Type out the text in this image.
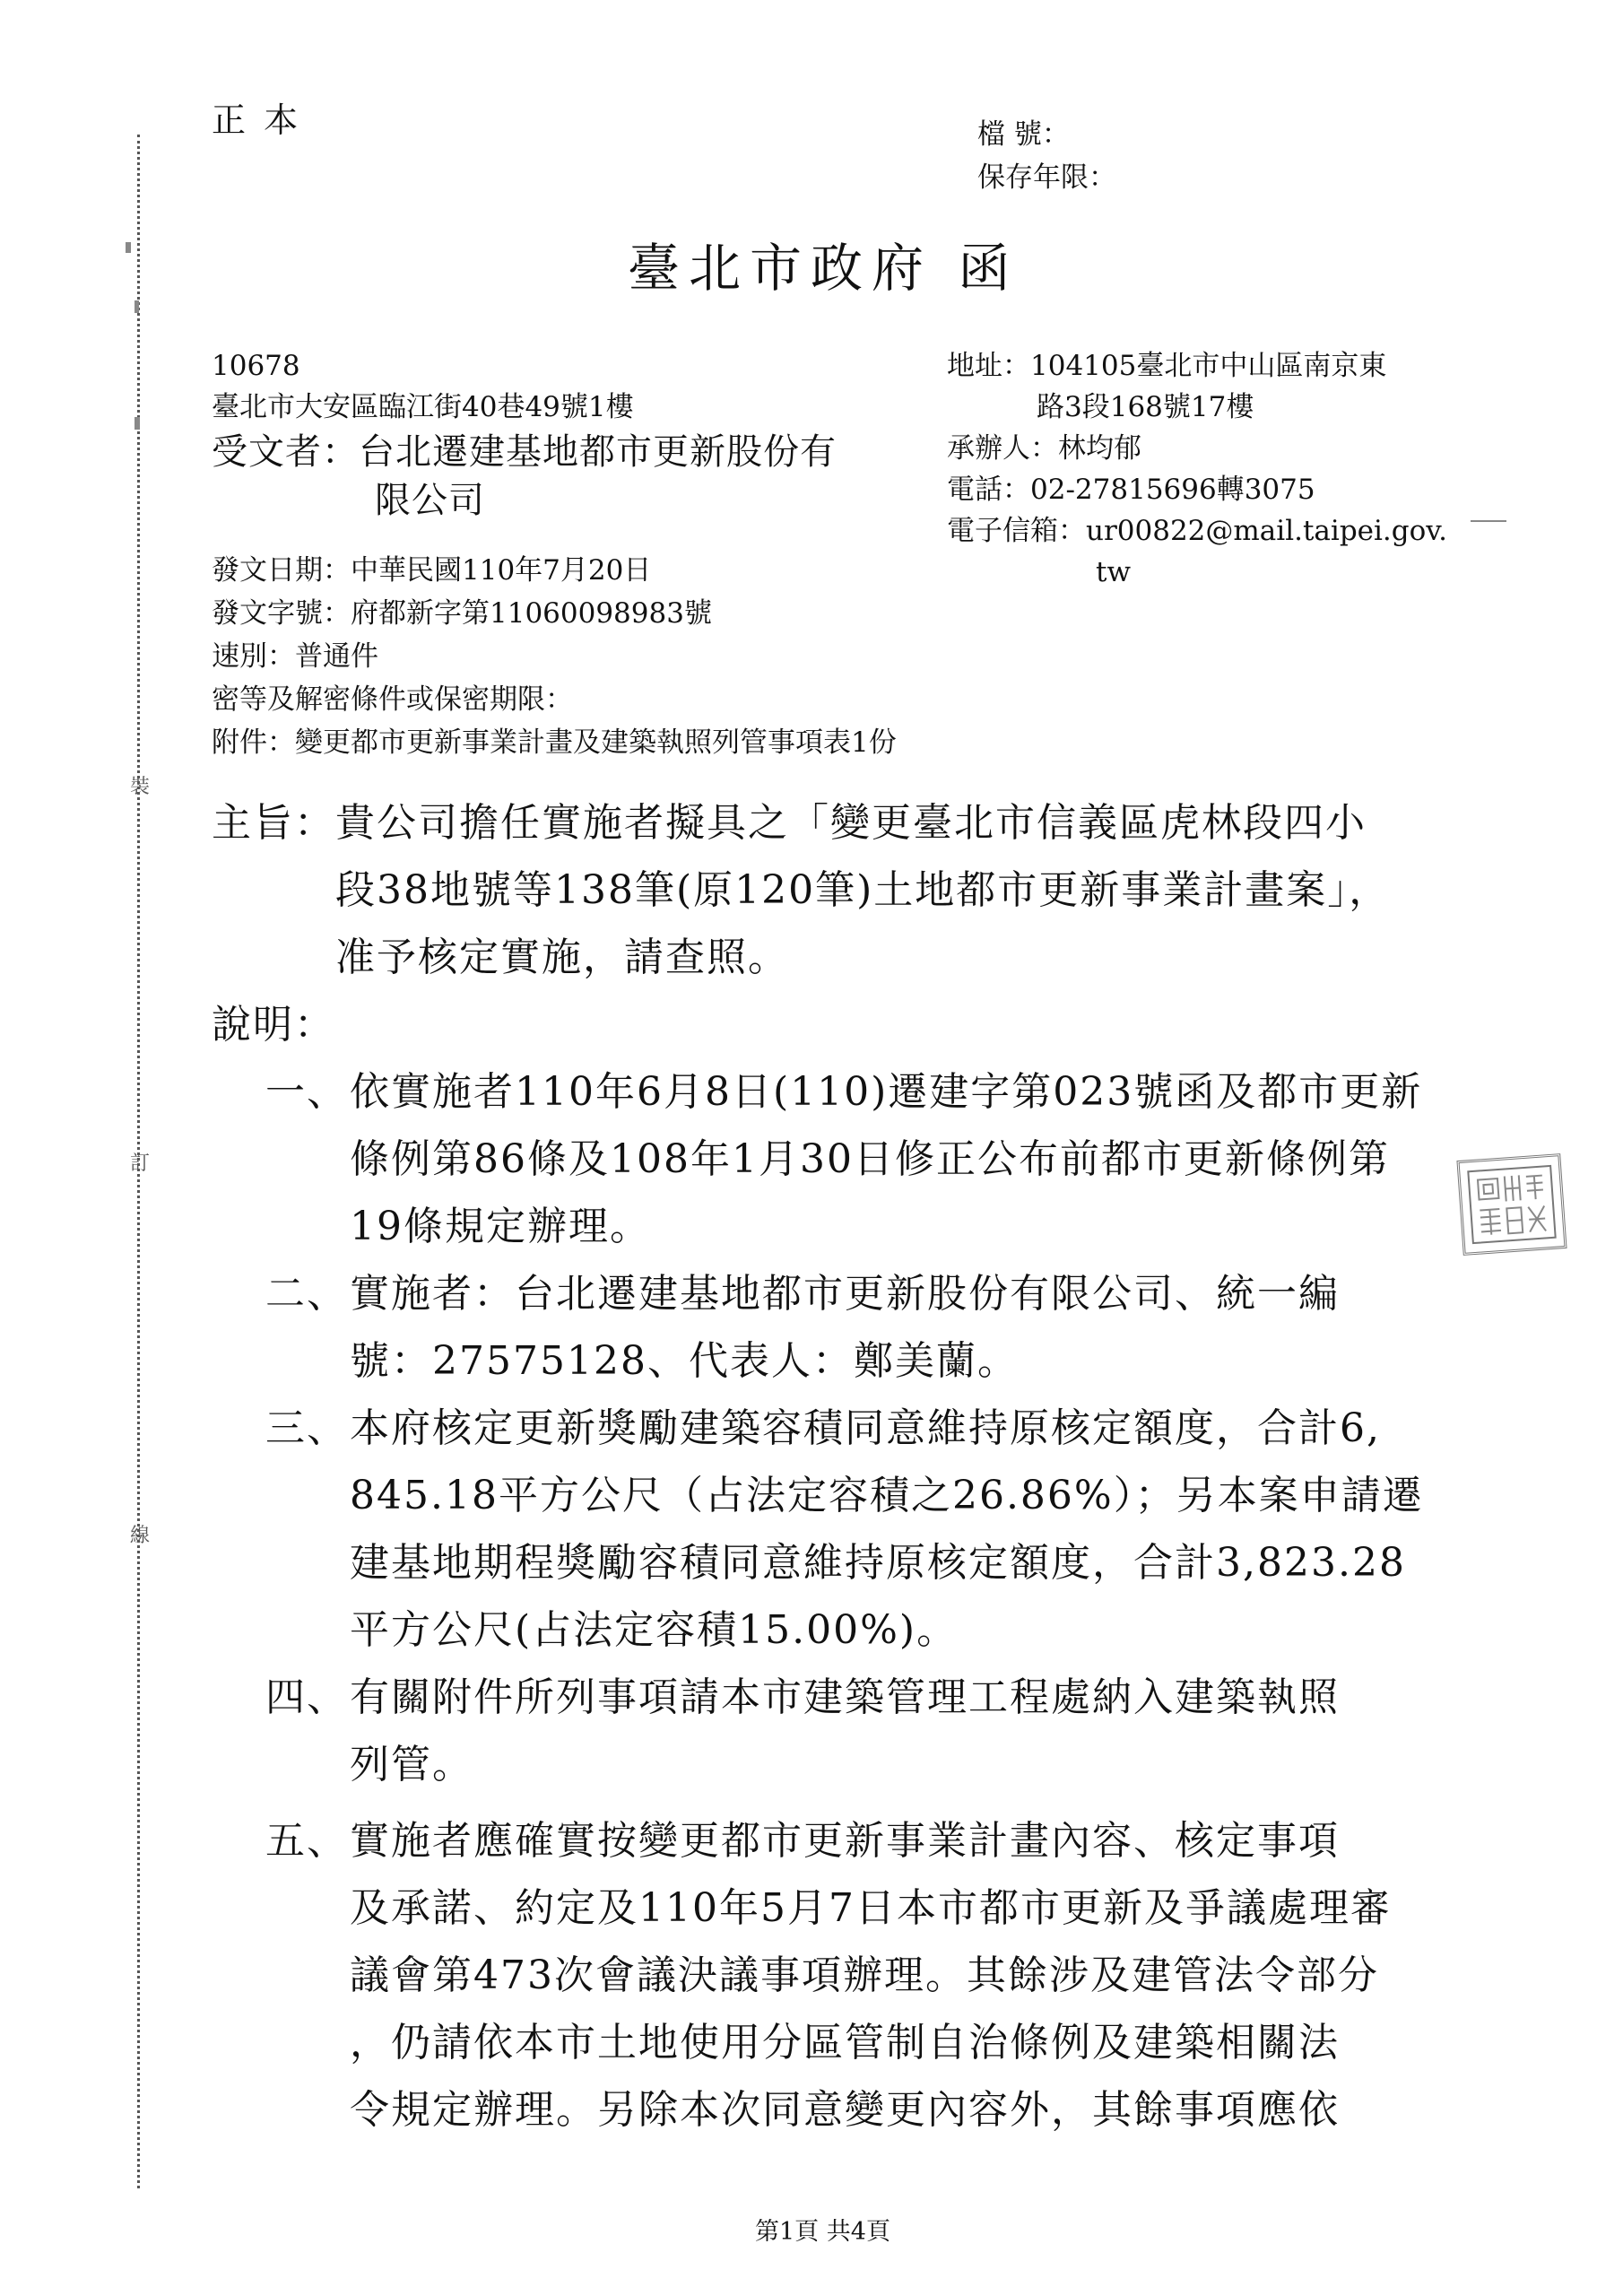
裝
訂
線
正 本	檔 號：
保存年限：
臺北市政府 函
10678
臺北市大安區臨江街40巷49號1樓
受文者：台北遷建基地都市更新股份有
限公司
地址：104105臺北市中山區南京東
路3段168號17樓
承辦人：林均郁
電話：02-27815696轉3075
電子信箱：ur00822@mail.taipei.gov.
tw
發文日期：中華民國110年7月20日
發文字號：府都新字第11060098983號
速別：普通件
密等及解密條件或保密期限：
附件：變更都市更新事業計畫及建築執照列管事項表1份
主旨：貴公司擔任實施者擬具之「變更臺北市信義區虎林段四小
段38地號等138筆(原120筆)土地都市更新事業計畫案」，
准予核定實施，請查照。
說明：
一、 依實施者110年6月8日(110)遷建字第023號函及都市更新
條例第86條及108年1月30日修正公布前都市更新條例第
19條規定辦理。
二、 實施者：台北遷建基地都市更新股份有限公司、統一編
號：27575128、代表人：鄭美蘭。
三、 本府核定更新獎勵建築容積同意維持原核定額度，合計6,
845.18平方公尺（占法定容積之26.86%）；另本案申請遷
建基地期程獎勵容積同意維持原核定額度，合計3,823.28
平方公尺(占法定容積15.00%)。
四、 有關附件所列事項請本市建築管理工程處納入建築執照
列管。
五、 實施者應確實按變更都市更新事業計畫內容、核定事項
及承諾、約定及110年5月7日本市都市更新及爭議處理審
議會第473次會議決議事項辦理。其餘涉及建管法令部分
，仍請依本市土地使用分區管制自治條例及建築相關法
令規定辦理。另除本次同意變更內容外，其餘事項應依
第1頁 共4頁
